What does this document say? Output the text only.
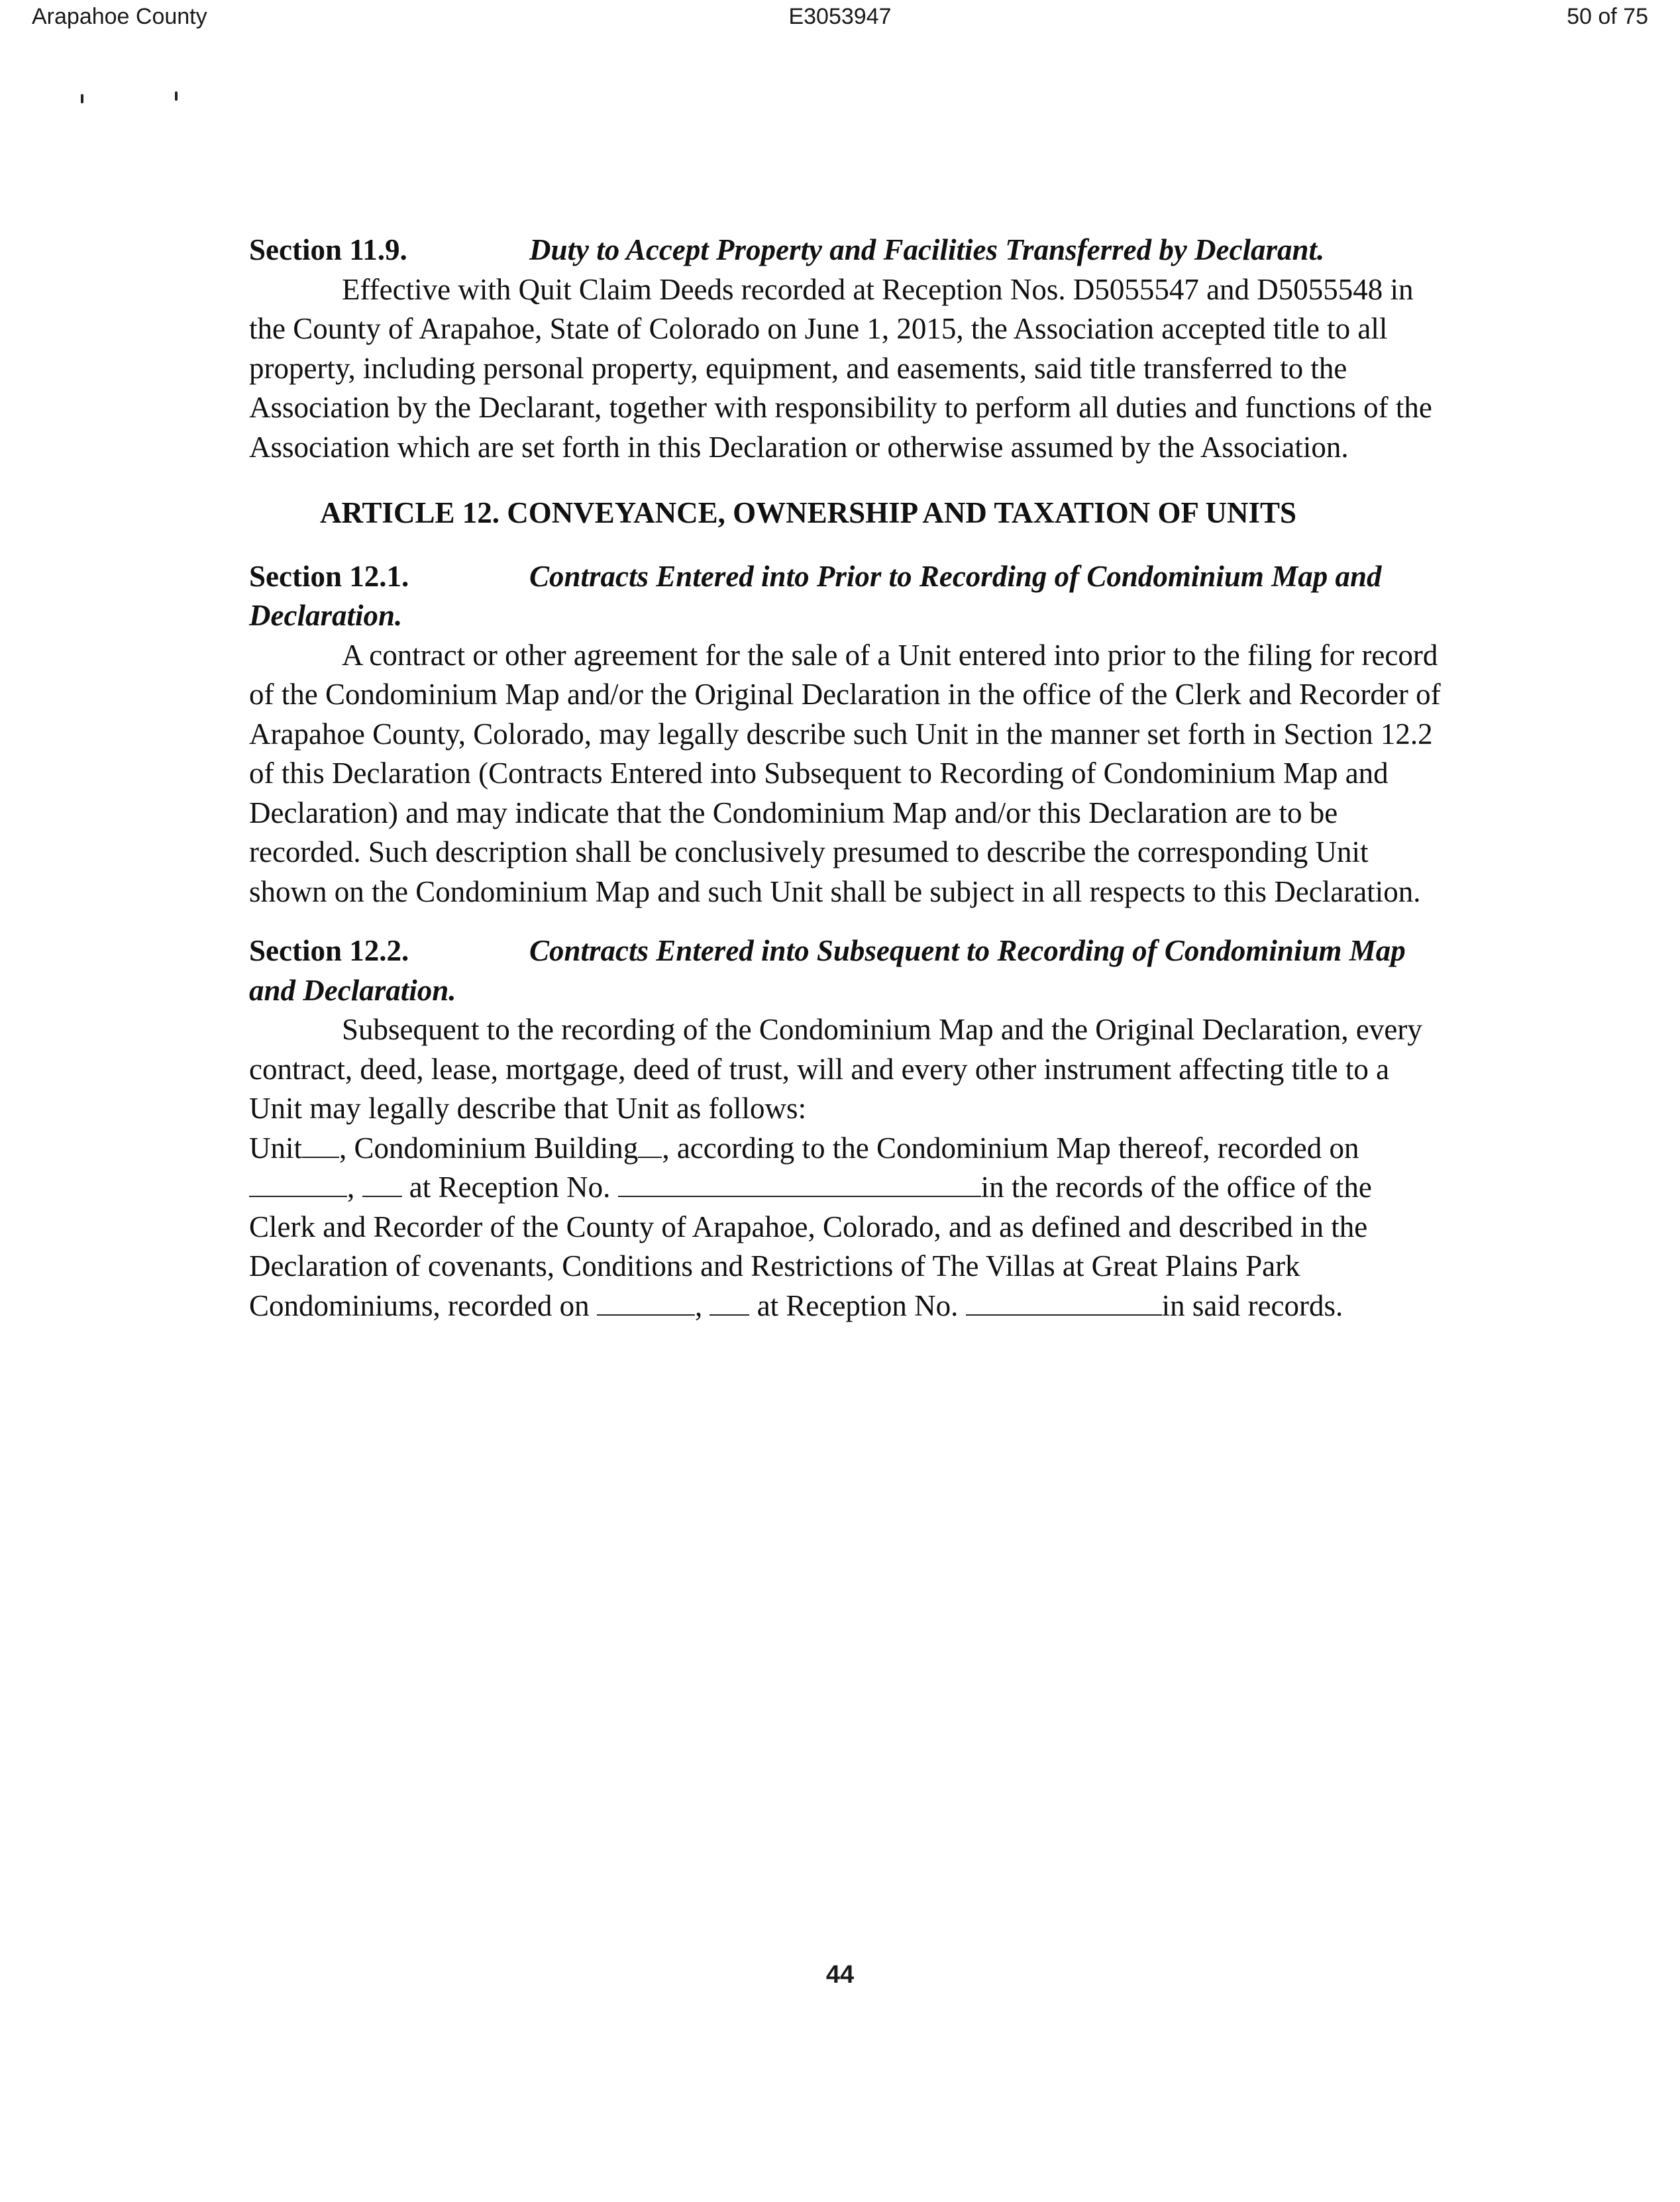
Arapahoe County	E3053947	50 of 75

Section 11.9.	Duty to Accept Property and Facilities Transferred by Declarant.

Effective with Quit Claim Deeds recorded at Reception Nos. D5055547 and D5055548 in the County of Arapahoe, State of Colorado on June 1, 2015, the Association accepted title to all property, including personal property, equipment, and easements, said title transferred to the Association by the Declarant, together with responsibility to perform all duties and functions of the Association which are set forth in this Declaration or otherwise assumed by the Association.

ARTICLE 12. CONVEYANCE, OWNERSHIP AND TAXATION OF UNITS

Section 12.1.	Contracts Entered into Prior to Recording of Condominium Map and Declaration.

A contract or other agreement for the sale of a Unit entered into prior to the filing for record of the Condominium Map and/or the Original Declaration in the office of the Clerk and Recorder of Arapahoe County, Colorado, may legally describe such Unit in the manner set forth in Section 12.2 of this Declaration (Contracts Entered into Subsequent to Recording of Condominium Map and Declaration) and may indicate that the Condominium Map and/or this Declaration are to be recorded. Such description shall be conclusively presumed to describe the corresponding Unit shown on the Condominium Map and such Unit shall be subject in all respects to this Declaration.

Section 12.2.	Contracts Entered into Subsequent to Recording of Condominium Map and Declaration.

Subsequent to the recording of the Condominium Map and the Original Declaration, every contract, deed, lease, mortgage, deed of trust, will and every other instrument affecting title to a Unit may legally describe that Unit as follows:

Unit , Condominium Building , according to the Condominium Map thereof, recorded on ,  at Reception No.	in the records of the office of the Clerk and Recorder of the County of Arapahoe, Colorado, and as defined and described in the Declaration of covenants, Conditions and Restrictions of The Villas at Great Plains Park Condominiums, recorded on	,  at Reception No.	in said records.

44
